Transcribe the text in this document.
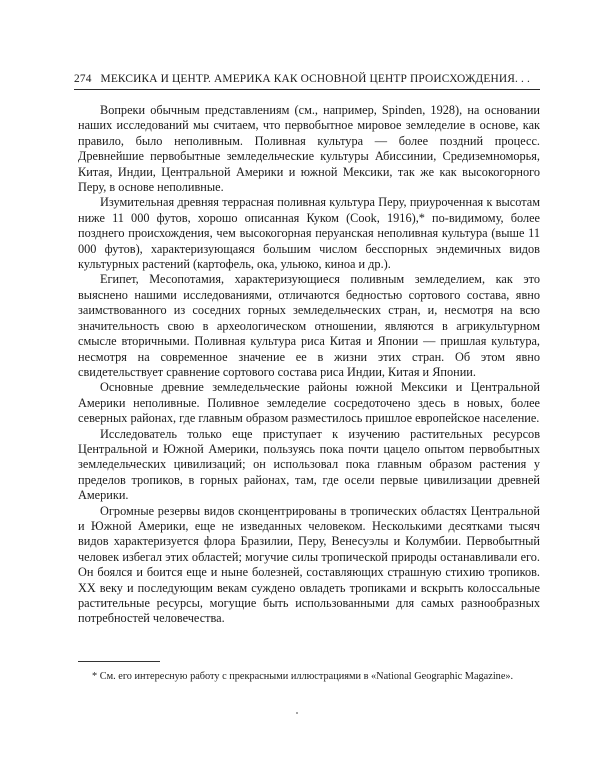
274 МЕКСИКА И ЦЕНТР. АМЕРИКА КАК ОСНОВНОЙ ЦЕНТР ПРОИСХОЖДЕНИЯ. . .

Вопреки обычным представлениям (см., например, Spinden, 1928), на основании наших исследований мы считаем, что первобытное мировое земледелие в основе, как правило, было неполивным. Поливная культура — более поздний процесс. Древнейшие первобытные земледельческие культуры Абиссинии, Средиземноморья, Китая, Индии, Центральной Америки и южной Мексики, так же как высокогорного Перу, в основе неполивные.

Изумительная древняя террасная поливная культура Перу, приуроченная к высотам ниже 11 000 футов, хорошо описанная Куком (Cook, 1916),* по-видимому, более позднего происхождения, чем высокогорная перуанская неполивная культура (выше 11 000 футов), характеризующаяся большим числом бесспорных эндемичных видов культурных растений (картофель, ока, ульюко, киноа и др.).

Египет, Месопотамия, характеризующиеся поливным земледелием, как это выяснено нашими исследованиями, отличаются бедностью сортового состава, явно заимствованного из соседних горных земледельческих стран, и, несмотря на всю значительность свою в археологическом отношении, являются в агрикультурном смысле вторичными. Поливная культура риса Китая и Японии — пришлая культура, несмотря на современное значение ее в жизни этих стран. Об этом явно свидетельствует сравнение сортового состава риса Индии, Китая и Японии.

Основные древние земледельческие районы южной Мексики и Центральной Америки неполивные. Поливное земледелие сосредоточено здесь в новых, более северных районах, где главным образом разместилось пришлое европейское население.

Исследователь только еще приступает к изучению растительных ресурсов Центральной и Южной Америки, пользуясь пока почти цацело опытом первобытных земледельческих цивилизаций; он использовал пока главным образом растения у пределов тропиков, в горных районах, там, где осели первые цивилизации древней Америки.

Огромные резервы видов сконцентрированы в тропических областях Центральной и Южной Америки, еще не изведанных человеком. Несколькими десятками тысяч видов характеризуется флора Бразилии, Перу, Венесуэлы и Колумбии. Первобытный человек избегал этих областей; могучие силы тропической природы останавливали его. Он боялся и боится еще и ныне болезней, составляющих страшную стихию тропиков. XX веку и последующим векам суждено овладеть тропиками и вскрыть колоссальные растительные ресурсы, могущие быть использованными для самых разнообразных потребностей человечества.

* См. его интересную работу с прекрасными иллюстрациями в «National Geographic Magazine».
